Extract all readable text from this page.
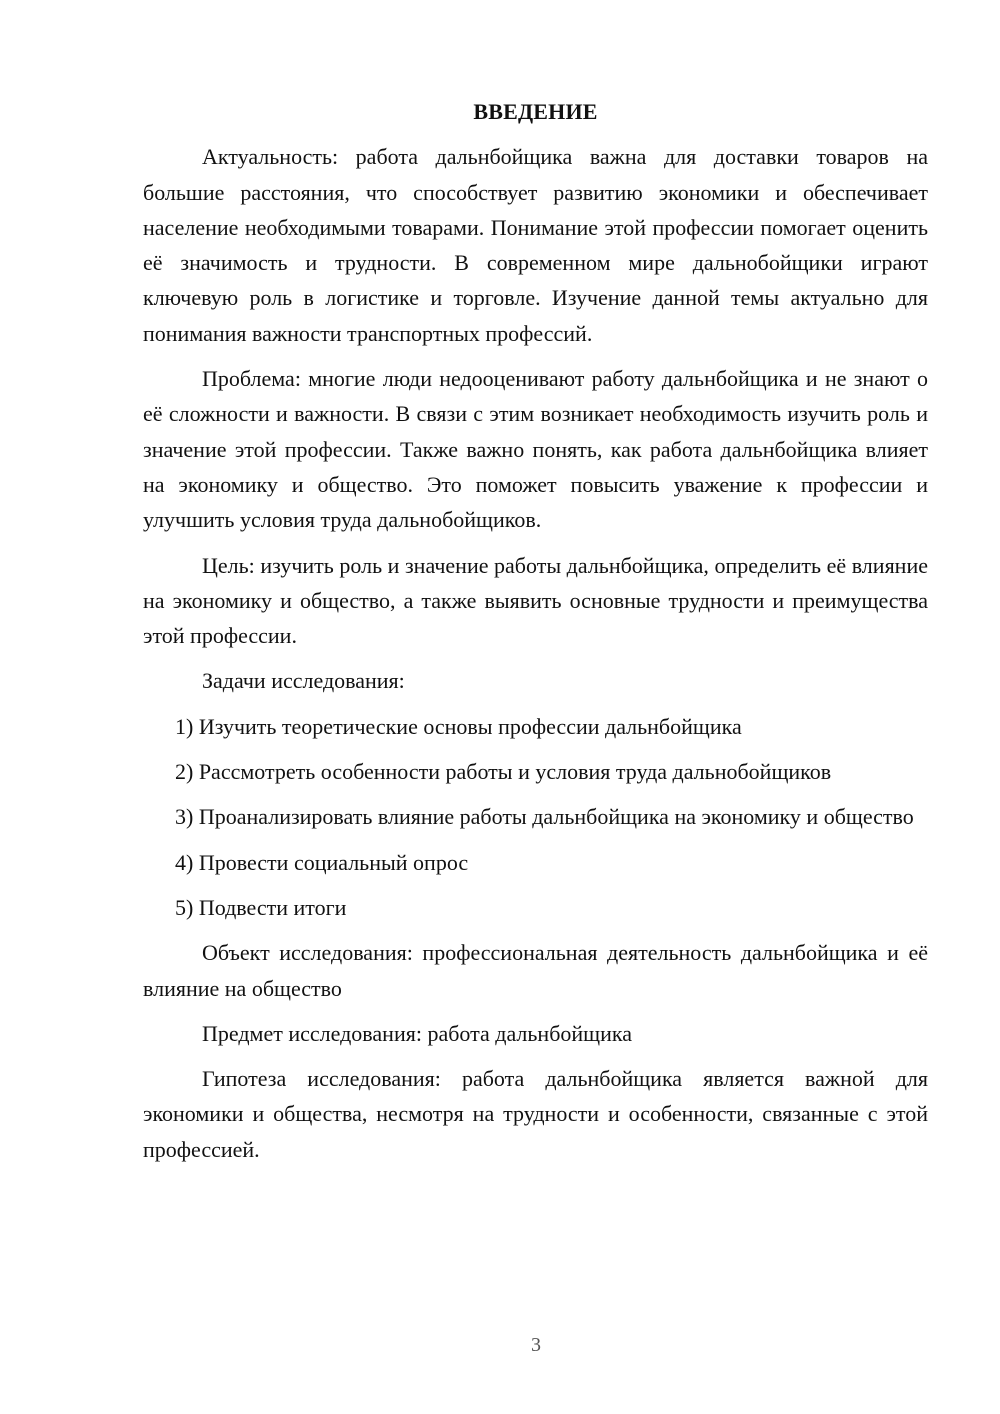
ВВЕДЕНИЕ

Актуальность: работа дальнбойщика важна для доставки товаров на большие расстояния, что способствует развитию экономики и обеспечивает население необходимыми товарами. Понимание этой профессии помогает оценить её значимость и трудности. В современном мире дальнобойщики играют ключевую роль в логистике и торговле. Изучение данной темы актуально для понимания важности транспортных профессий.

Проблема: многие люди недооценивают работу дальнбойщика и не знают о её сложности и важности. В связи с этим возникает необходимость изучить роль и значение этой профессии. Также важно понять, как работа дальнбойщика влияет на экономику и общество. Это поможет повысить уважение к профессии и улучшить условия труда дальнобойщиков.

Цель: изучить роль и значение работы дальнбойщика, определить её влияние на экономику и общество, а также выявить основные трудности и преимущества этой профессии.

Задачи исследования:

1) Изучить теоретические основы профессии дальнбойщика

2) Рассмотреть особенности работы и условия труда дальнобойщиков

3) Проанализировать влияние работы дальнбойщика на экономику и общество

4) Провести социальный опрос

5) Подвести итоги

Объект исследования: профессиональная деятельность дальнбойщика и её влияние на общество

Предмет исследования: работа дальнбойщика

Гипотеза исследования: работа дальнбойщика является важной для экономики и общества, несмотря на трудности и особенности, связанные с этой профессией.

3
